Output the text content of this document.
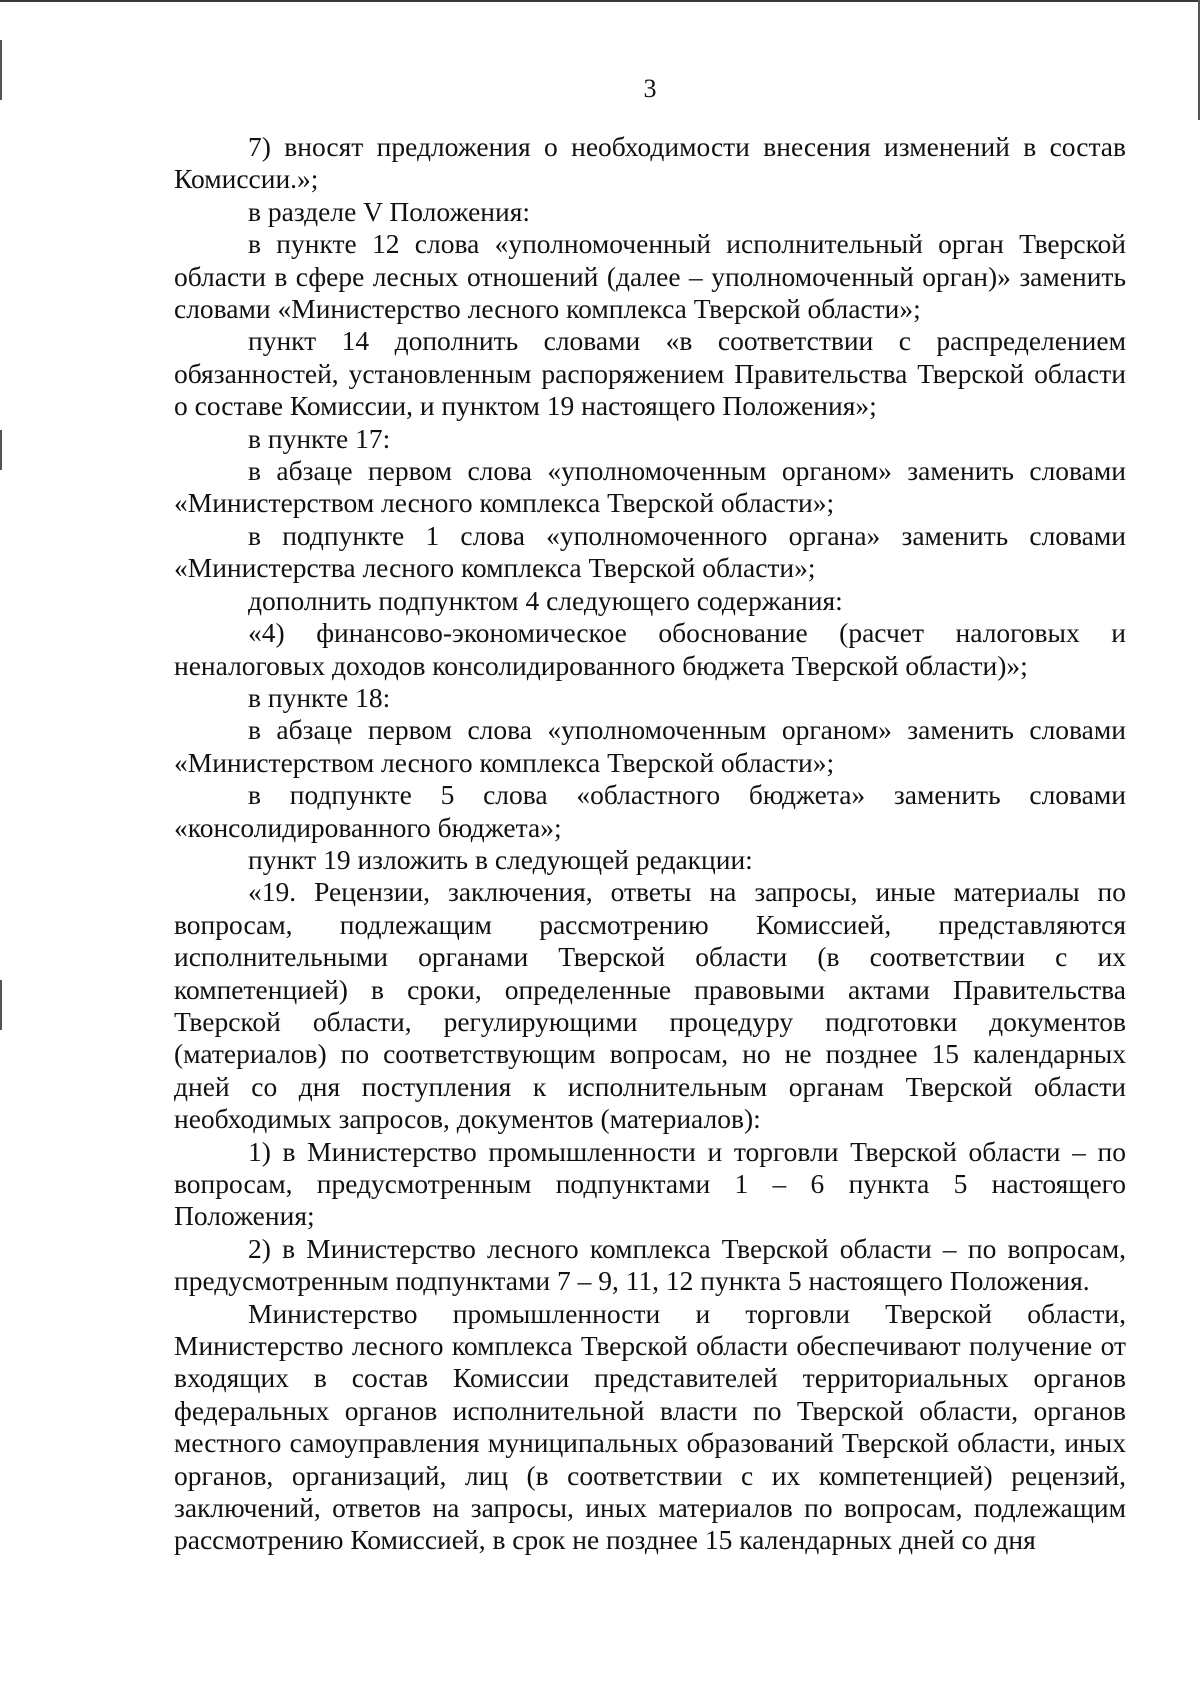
3

7) вносят предложения о необходимости внесения изменений в состав Комиссии.»;

в разделе V Положения:

в пункте 12 слова «уполномоченный исполнительный орган Тверской области в сфере лесных отношений (далее – уполномоченный орган)» заменить словами «Министерство лесного комплекса Тверской области»;

пункт 14 дополнить словами «в соответствии с распределением обязанностей, установленным распоряжением Правительства Тверской области о составе Комиссии, и пунктом 19 настоящего Положения»;

в пункте 17:

в абзаце первом слова «уполномоченным органом» заменить словами «Министерством лесного комплекса Тверской области»;

в подпункте 1 слова «уполномоченного органа» заменить словами «Министерства лесного комплекса Тверской области»;

дополнить подпунктом 4 следующего содержания:

«4) финансово-экономическое обоснование (расчет налоговых и неналоговых доходов консолидированного бюджета Тверской области)»;

в пункте 18:

в абзаце первом слова «уполномоченным органом» заменить словами «Министерством лесного комплекса Тверской области»;

в подпункте 5 слова «областного бюджета» заменить словами «консолидированного бюджета»;

пункт 19 изложить в следующей редакции:

«19. Рецензии, заключения, ответы на запросы, иные материалы по вопросам, подлежащим рассмотрению Комиссией, представляются исполнительными органами Тверской области (в соответствии с их компетенцией) в сроки, определенные правовыми актами Правительства Тверской области, регулирующими процедуру подготовки документов (материалов) по соответствующим вопросам, но не позднее 15 календарных дней со дня поступления к исполнительным органам Тверской области необходимых запросов, документов (материалов):

1) в Министерство промышленности и торговли Тверской области – по вопросам, предусмотренным подпунктами 1 – 6 пункта 5 настоящего Положения;

2) в Министерство лесного комплекса Тверской области – по вопросам, предусмотренным подпунктами 7 – 9, 11, 12 пункта 5 настоящего Положения.

Министерство промышленности и торговли Тверской области, Министерство лесного комплекса Тверской области обеспечивают получение от входящих в состав Комиссии представителей территориальных органов федеральных органов исполнительной власти по Тверской области, органов местного самоуправления муниципальных образований Тверской области, иных органов, организаций, лиц (в соответствии с их компетенцией) рецензий, заключений, ответов на запросы, иных материалов по вопросам, подлежащим рассмотрению Комиссией, в срок не позднее 15 календарных дней со дня
